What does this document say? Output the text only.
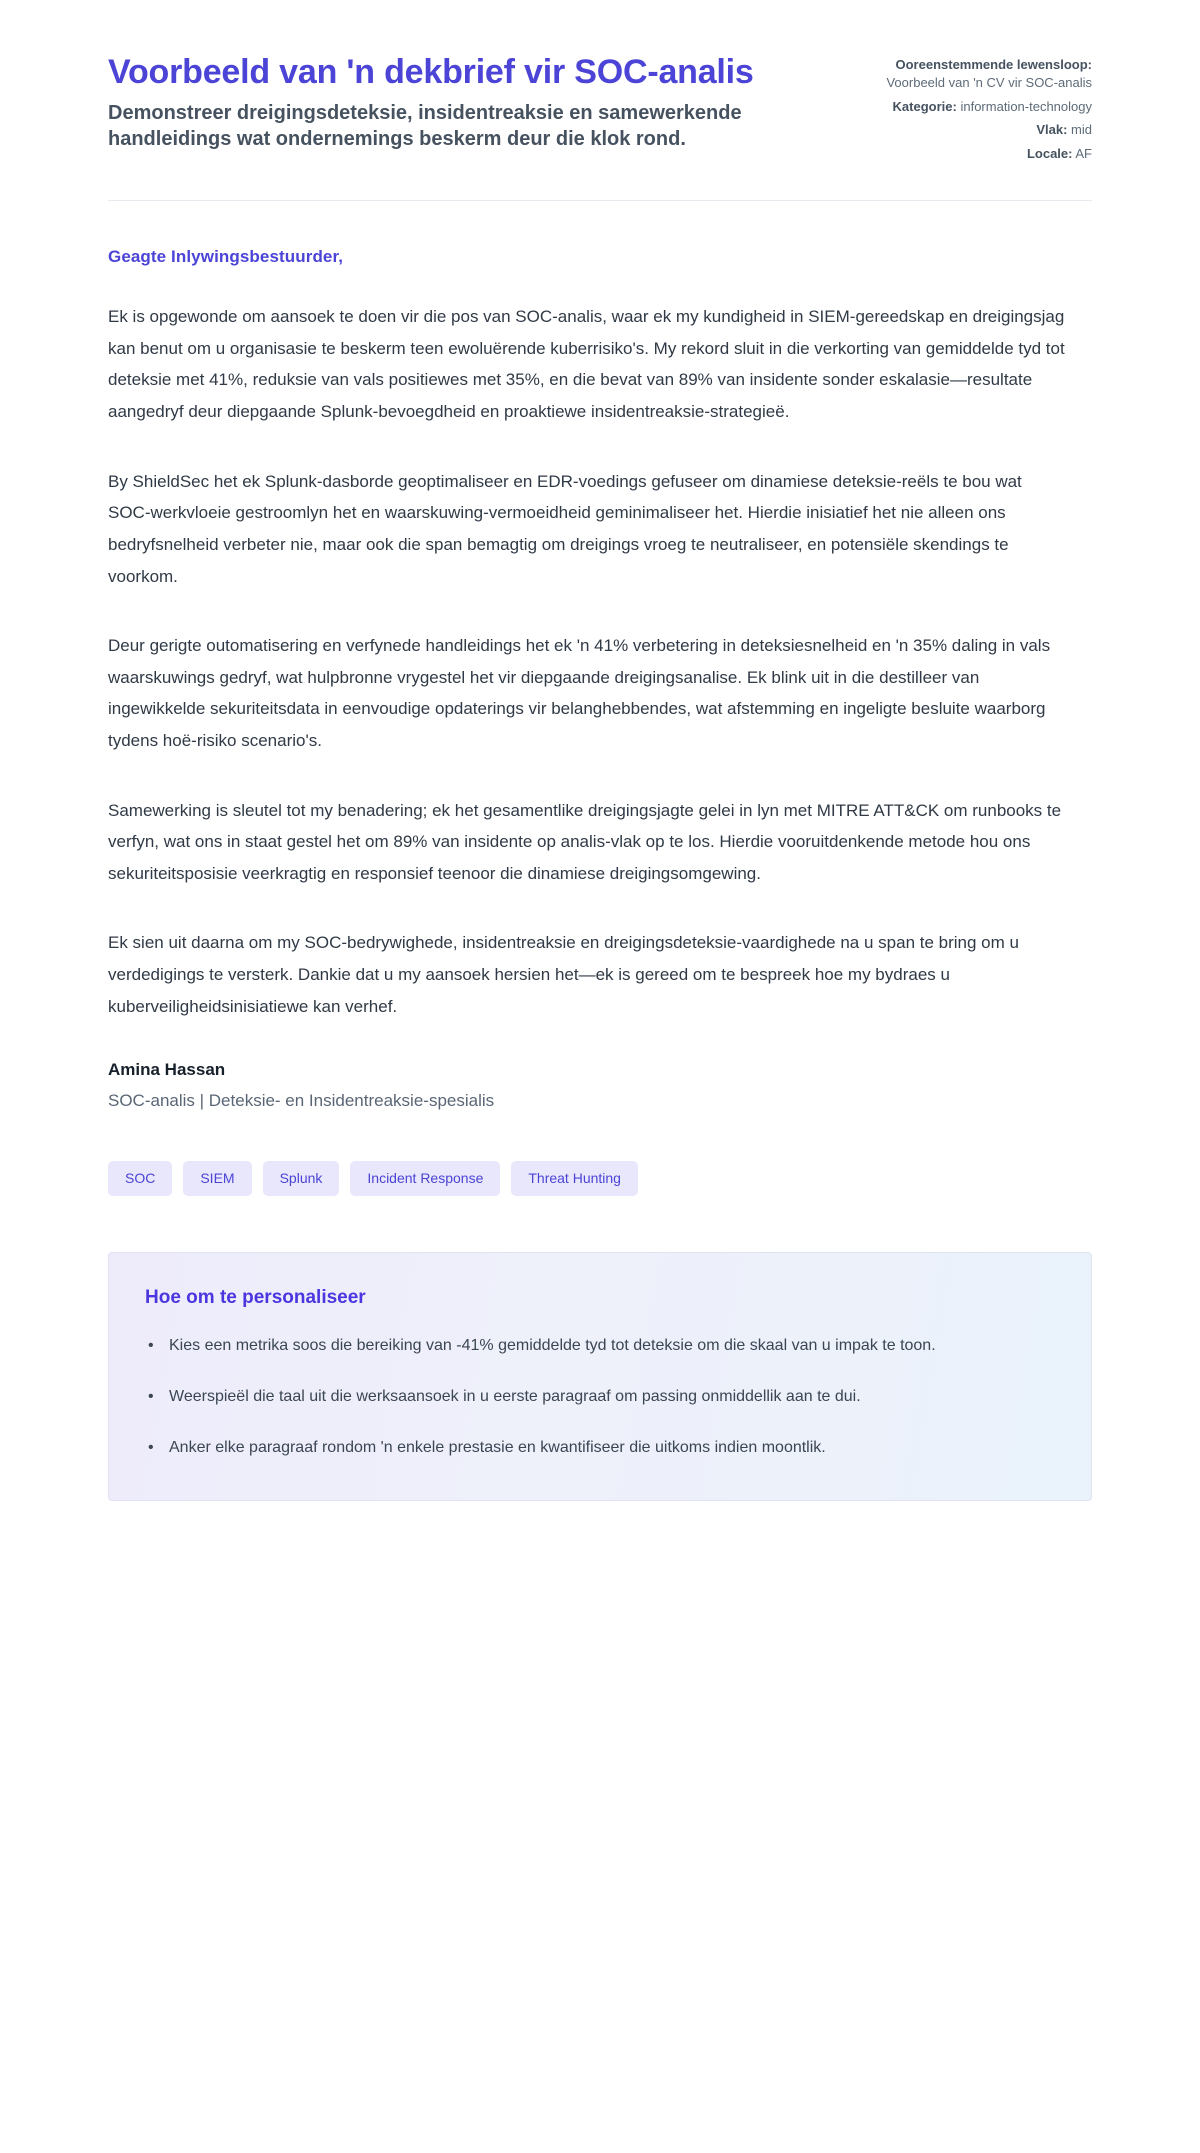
Voorbeeld van 'n dekbrief vir SOC-analis

Demonstreer dreigingsdeteksie, insidentreaksie en samewerkende handleidings wat ondernemings beskerm deur die klok rond.

Ooreenstemmende lewensloop: Voorbeeld van 'n CV vir SOC-analis
Kategorie: information-technology
Vlak: mid
Locale: AF

Geagte Inlywingsbestuurder,

Ek is opgewonde om aansoek te doen vir die pos van SOC-analis, waar ek my kundigheid in SIEM-gereedskap en dreigingsjag kan benut om u organisasie te beskerm teen ewoluërende kuberrisiko's. My rekord sluit in die verkorting van gemiddelde tyd tot deteksie met 41%, reduksie van vals positiewes met 35%, en die bevat van 89% van insidente sonder eskalasie—resultate aangedryf deur diepgaande Splunk-bevoegdheid en proaktiewe insidentreaksie-strategieë.

By ShieldSec het ek Splunk-dasborde geoptimaliseer en EDR-voedings gefuseer om dinamiese deteksie-reëls te bou wat SOC-werkvloeie gestroomlyn het en waarskuwing-vermoeidheid geminimaliseer het. Hierdie inisiatief het nie alleen ons bedryfsnelheid verbeter nie, maar ook die span bemagtig om dreigings vroeg te neutraliseer, en potensiële skendings te voorkom.

Deur gerigte outomatisering en verfynede handleidings het ek 'n 41% verbetering in deteksiesnelheid en 'n 35% daling in vals waarskuwings gedryf, wat hulpbronne vrygestel het vir diepgaande dreigingsanalise. Ek blink uit in die destilleer van ingewikkelde sekuriteitsdata in eenvoudige opdaterings vir belanghebbendes, wat afstemming en ingeligte besluite waarborg tydens hoë-risiko scenario's.

Samewerking is sleutel tot my benadering; ek het gesamentlike dreigingsjagte gelei in lyn met MITRE ATT&CK om runbooks te verfyn, wat ons in staat gestel het om 89% van insidente op analis-vlak op te los. Hierdie vooruitdenkende metode hou ons sekuriteitsposisie veerkragtig en responsief teenoor die dinamiese dreigingsomgewing.

Ek sien uit daarna om my SOC-bedrywighede, insidentreaksie en dreigingsdeteksie-vaardighede na u span te bring om u verdedigings te versterk. Dankie dat u my aansoek hersien het—ek is gereed om te bespreek hoe my bydraes u kuberveiligheidsinisiatiewe kan verhef.

Amina Hassan

SOC-analis | Deteksie- en Insidentreaksie-spesialis

SOC	SIEM	Splunk	Incident Response	Threat Hunting
Hoe om te personaliseer
• Kies een metrika soos die bereiking van -41% gemiddelde tyd tot deteksie om die skaal van u impak te toon.
• Weerspieël die taal uit die werksaansoek in u eerste paragraaf om passing onmiddellik aan te dui.
• Anker elke paragraaf rondom 'n enkele prestasie en kwantifiseer die uitkoms indien moontlik.
